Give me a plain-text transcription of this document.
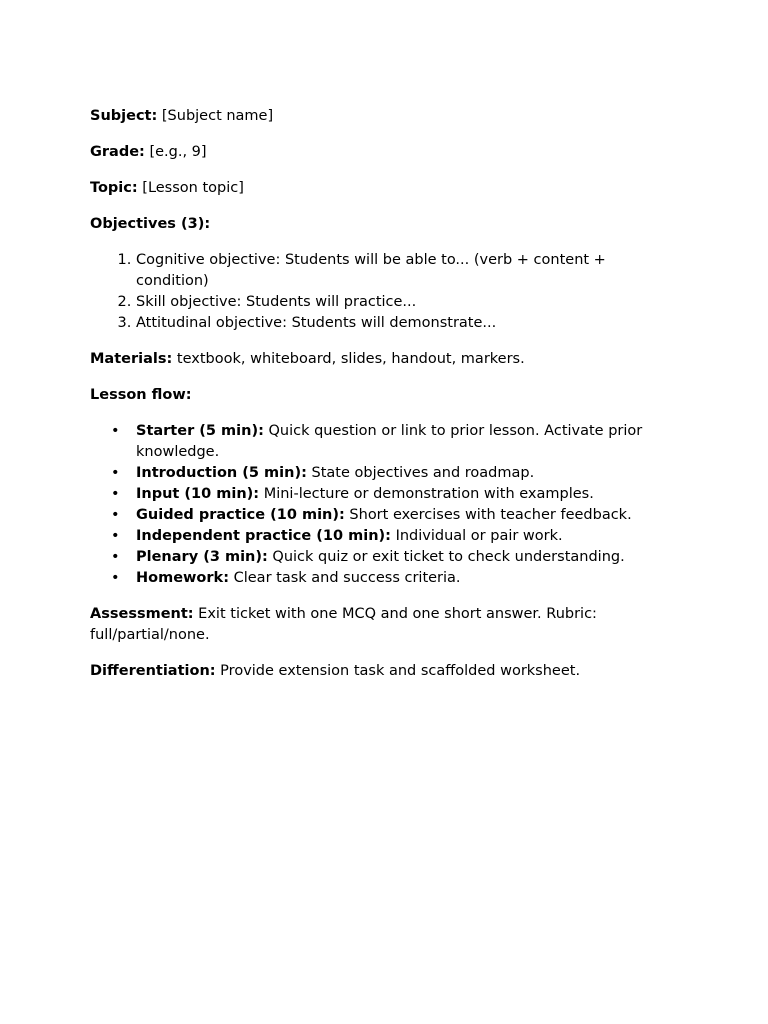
Subject: [Subject name]

Grade: [e.g., 9]

Topic: [Lesson topic]

Objectives (3):

1. Cognitive objective: Students will be able to... (verb + content + condition)
2. Skill objective: Students will practice...
3. Attitudinal objective: Students will demonstrate...

Materials: textbook, whiteboard, slides, handout, markers.

Lesson flow:

• Starter (5 min): Quick question or link to prior lesson. Activate prior knowledge.
• Introduction (5 min): State objectives and roadmap.
• Input (10 min): Mini-lecture or demonstration with examples.
• Guided practice (10 min): Short exercises with teacher feedback.
• Independent practice (10 min): Individual or pair work.
• Plenary (3 min): Quick quiz or exit ticket to check understanding.
• Homework: Clear task and success criteria.

Assessment: Exit ticket with one MCQ and one short answer. Rubric: full/partial/none.

Differentiation: Provide extension task and scaffolded worksheet.
